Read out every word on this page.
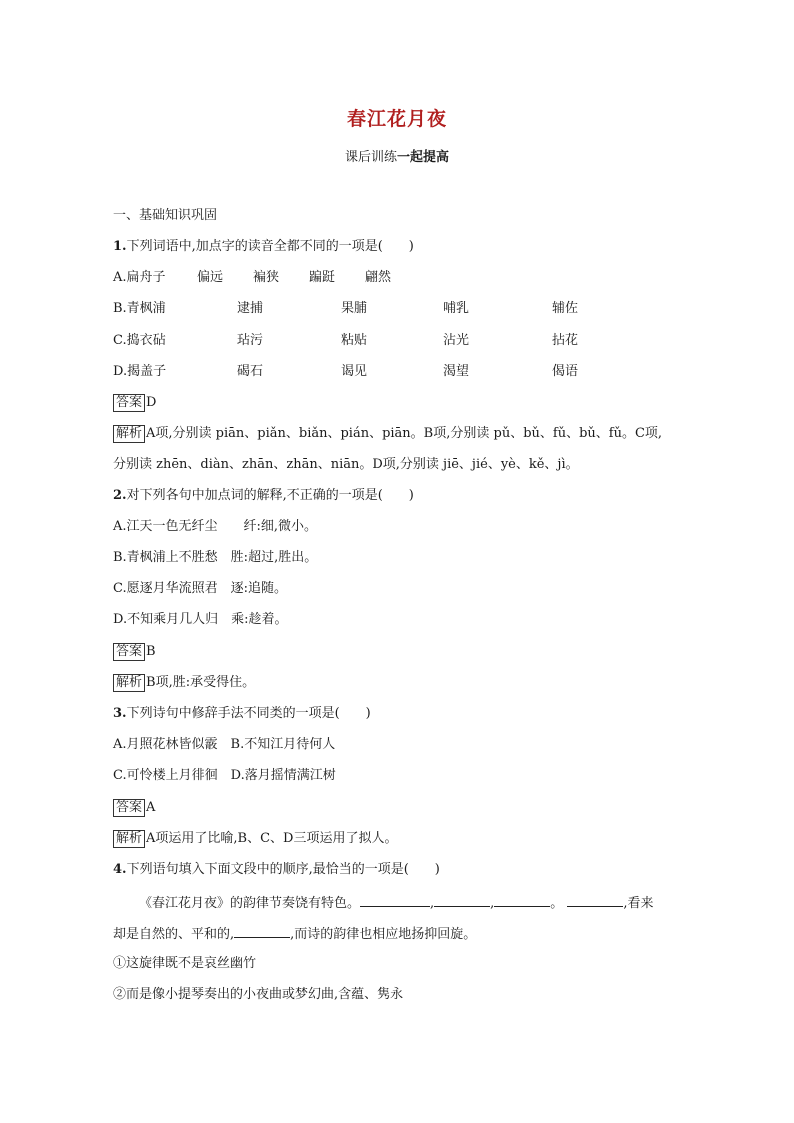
春江花月夜
课后训练一起提高
一、基础知识巩固
1.下列词语中,加点字的读音全都不同的一项是(　　)
A.扁舟子 偏远 褊狭 蹁跹 翩然
B.青枫浦	逮捕	果脯	哺乳	辅佐
C.捣衣砧	玷污	粘贴	沾光	拈花
D.揭盖子	碣石	谒见	渴望	偈语
答案 D
解析 A项,分别读 piān、piǎn、biǎn、pián、piān。B项,分别读 pǔ、bǔ、fǔ、bǔ、fǔ。C项,
分别读 zhēn、diàn、zhān、zhān、niān。D项,分别读 jiē、jié、yè、kě、jì。
2.对下列各句中加点词的解释,不正确的一项是(　　)
A.江天一色无纤尘　　纤:细,微小。
B.青枫浦上不胜愁　胜:超过,胜出。
C.愿逐月华流照君　逐:追随。
D.不知乘月几人归　乘:趁着。
答案 B
解析 B项,胜:承受得住。
3.下列诗句中修辞手法不同类的一项是(　　)
A.月照花林皆似霰　B.不知江月待何人
C.可怜楼上月徘徊　D.落月摇情满江树
答案 A
解析 A项运用了比喻,B、C、D三项运用了拟人。
4.下列语句填入下面文段中的顺序,最恰当的一项是(　　)
《春江花月夜》的韵律节奏饶有特色。	,	,	。	,看来
却是自然的、平和的,	,而诗的韵律也相应地扬抑回旋。
①这旋律既不是哀丝幽竹
②而是像小提琴奏出的小夜曲或梦幻曲,含蕴、隽永
